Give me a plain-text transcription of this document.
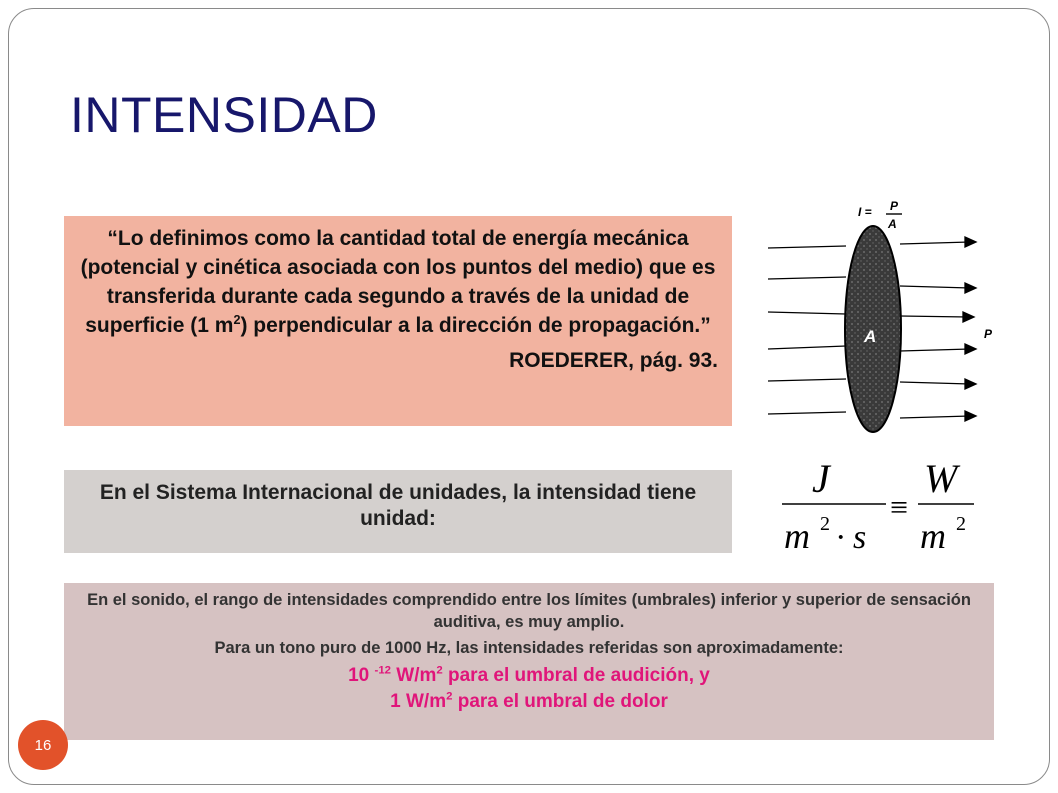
INTENSIDAD
“Lo definimos como la cantidad total de energía mecánica (potencial y cinética asociada con los puntos del medio) que es transferida durante cada segundo a través de la unidad de superficie (1 $m^2$) perpendicular a la dirección de propagación.”
ROEDERER, pág. 93.
I = P
A
A	P
En el Sistema Internacional de unidades, la intensidad tiene unidad:
J
m 2 · s
≡
W
m 2

En el sonido, el rango de intensidades comprendido entre los límites (umbrales) inferior y superior de sensación auditiva, es muy amplio.

Para un tono puro de 1000 Hz, las intensidades referidas son aproximadamente:

10 $^{-12}$ $W/m^2$ para el umbral de audición, y

1 $W/m^2$ para el umbral de dolor

16
